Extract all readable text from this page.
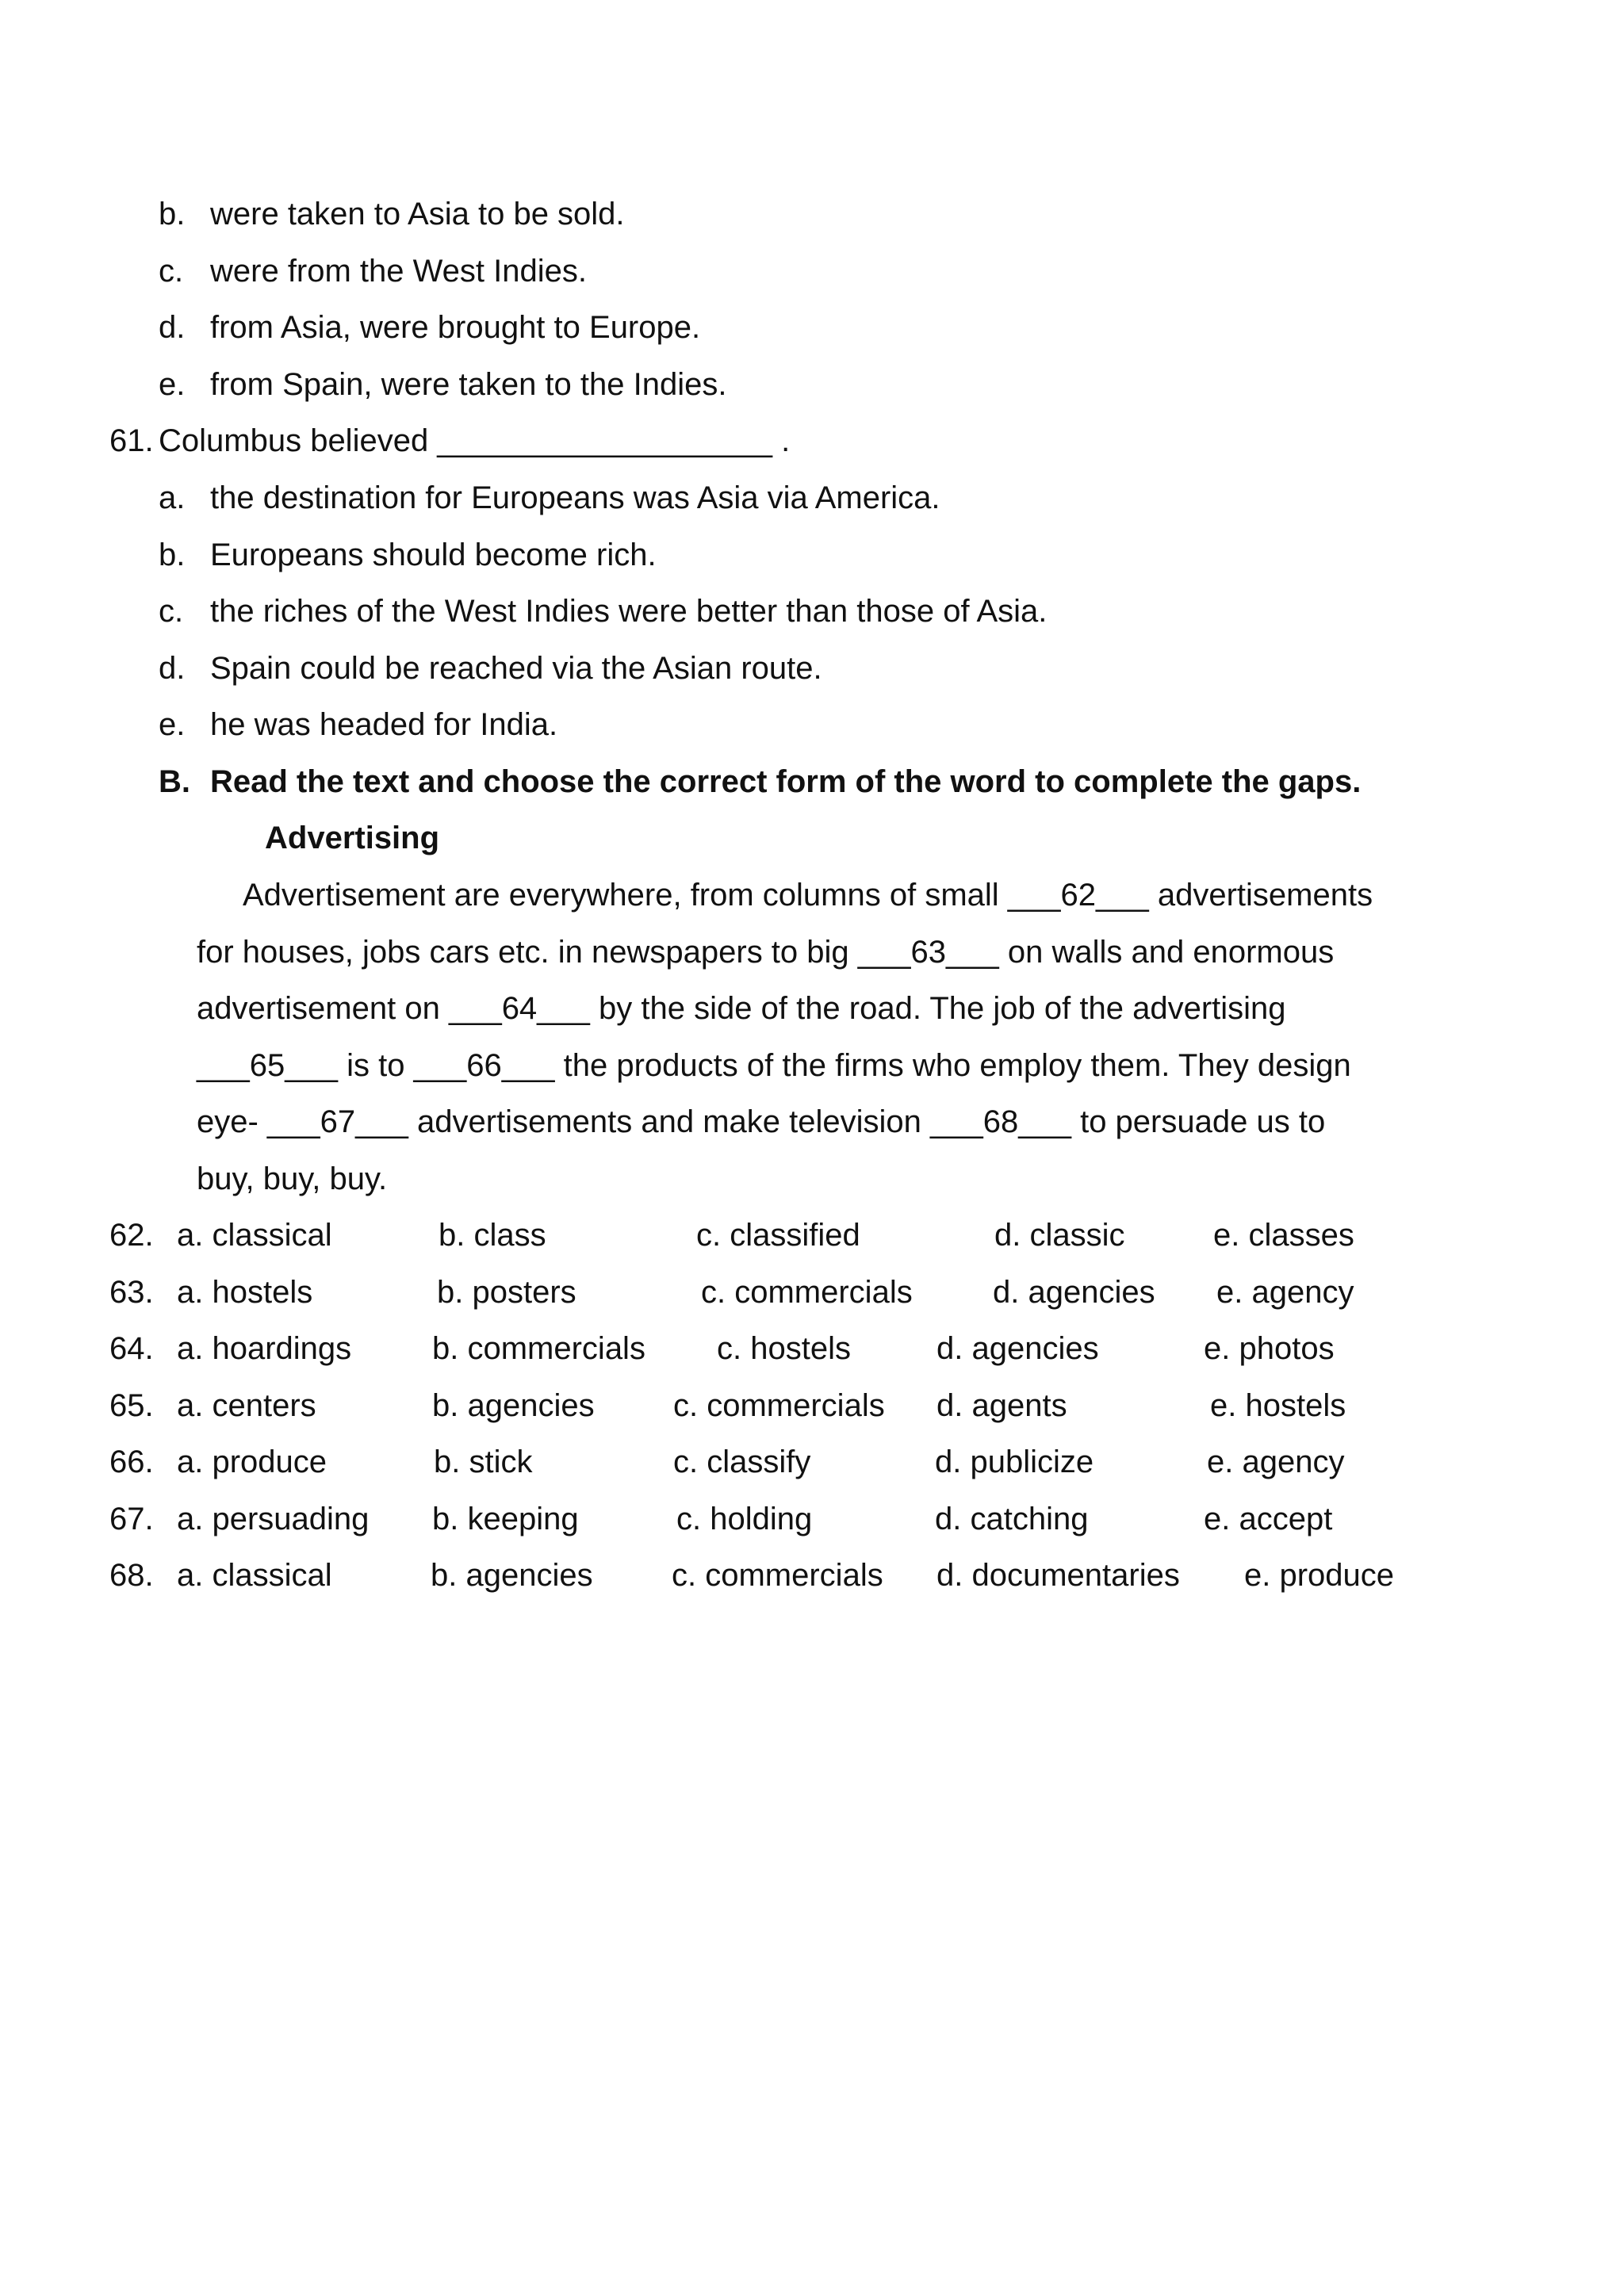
b. were taken to Asia to be sold.
c. were from the West Indies.
d. from Asia, were brought to Europe.
e. from Spain, were taken to the Indies.
61. Columbus believed ___________________ .
a. the destination for Europeans was Asia via America.
b. Europeans should become rich.
c. the riches of the West Indies were better than those of Asia.
d. Spain could be reached via the Asian route.
e. he was headed for India.
B. Read the text and choose the correct form of the word to complete the gaps.
Advertising
Advertisement are everywhere, from columns of small ___62___ advertisements
for houses, jobs cars etc. in newspapers to big ___63___ on walls and enormous
advertisement on ___64___ by the side of the road. The job of the advertising
___65___ is to ___66___ the products of the firms who employ them. They design
eye- ___67___ advertisements and make television ___68___ to persuade us to
buy, buy, buy.
62. a. classical	b. class	c. classified	d. classic	e. classes
63. a. hostels	b. posters	c. commercials	d. agencies e. agency
64. a. hoardings	b. commercials c. hostels	d. agencies	e. photos
65. a. centers	b. agencies c. commercials d. agents	e. hostels
66. a. produce	b. stick	c. classify	d. publicize	e. agency
67. a. persuading b. keeping	c. holding	d. catching	e. accept
68. a. classical	b. agencies c. commercials d. documentaries e. produce
